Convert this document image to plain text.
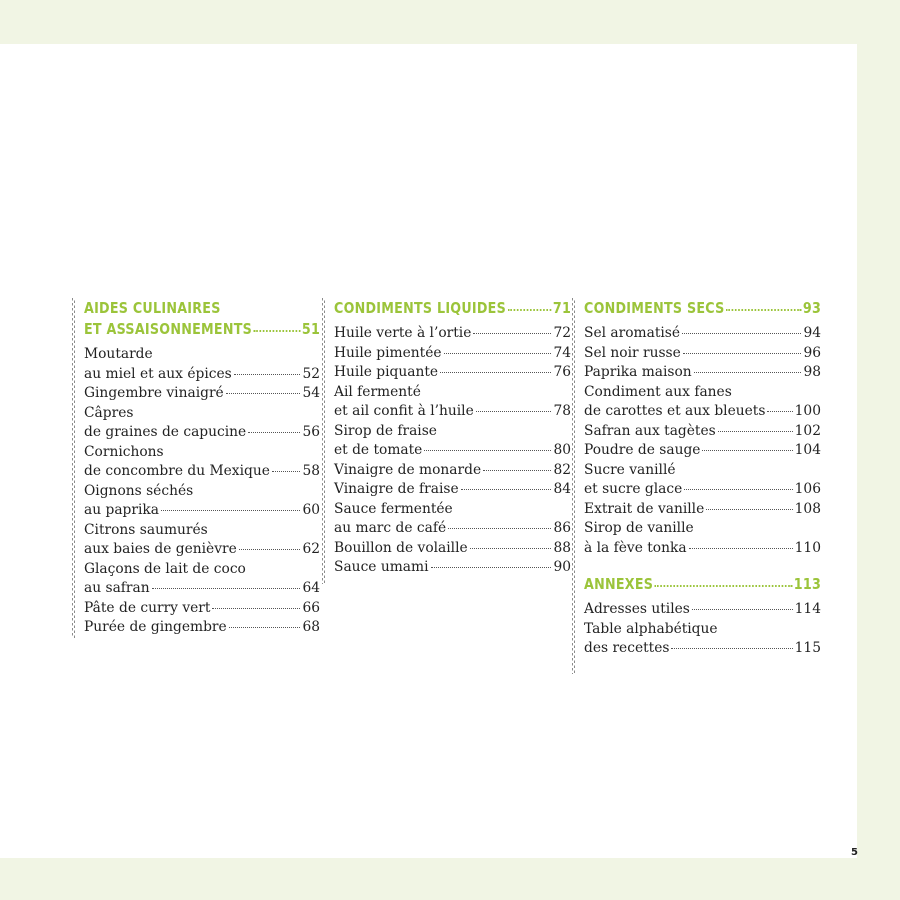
AIDES CULINAIRES
ET ASSAISONNEMENTS	51
Moutarde
au miel et aux épices	52
Gingembre vinaigré	54
Câpres
de graines de capucine	56
Cornichons
de concombre du Mexique 58
Oignons séchés
au paprika	60
Citrons saumurés
aux baies de genièvre	62
Glaçons de lait de coco
au safran	64
Pâte de curry vert	66
Purée de gingembre	68
CONDIMENTS LIQUIDES	71
Huile verte à l’ortie	72
Huile pimentée	74
Huile piquante	76
Ail fermenté
et ail confit à l’huile	78
Sirop de fraise
et de tomate	80
Vinaigre de monarde	82
Vinaigre de fraise	84
Sauce fermentée
au marc de café	86
Bouillon de volaille	88
Sauce umami	90
CONDIMENTS SECS	93
Sel aromatisé	94
Sel noir russe	96
Paprika maison	98
Condiment aux fanes
de carottes et aux bleuets 100
Safran aux tagètes	102
Poudre de sauge	104
Sucre vanillé
et sucre glace	106
Extrait de vanille	108
Sirop de vanille
à la fève tonka	110
ANNEXES	113
Adresses utiles	114
Table alphabétique
des recettes	115
5
